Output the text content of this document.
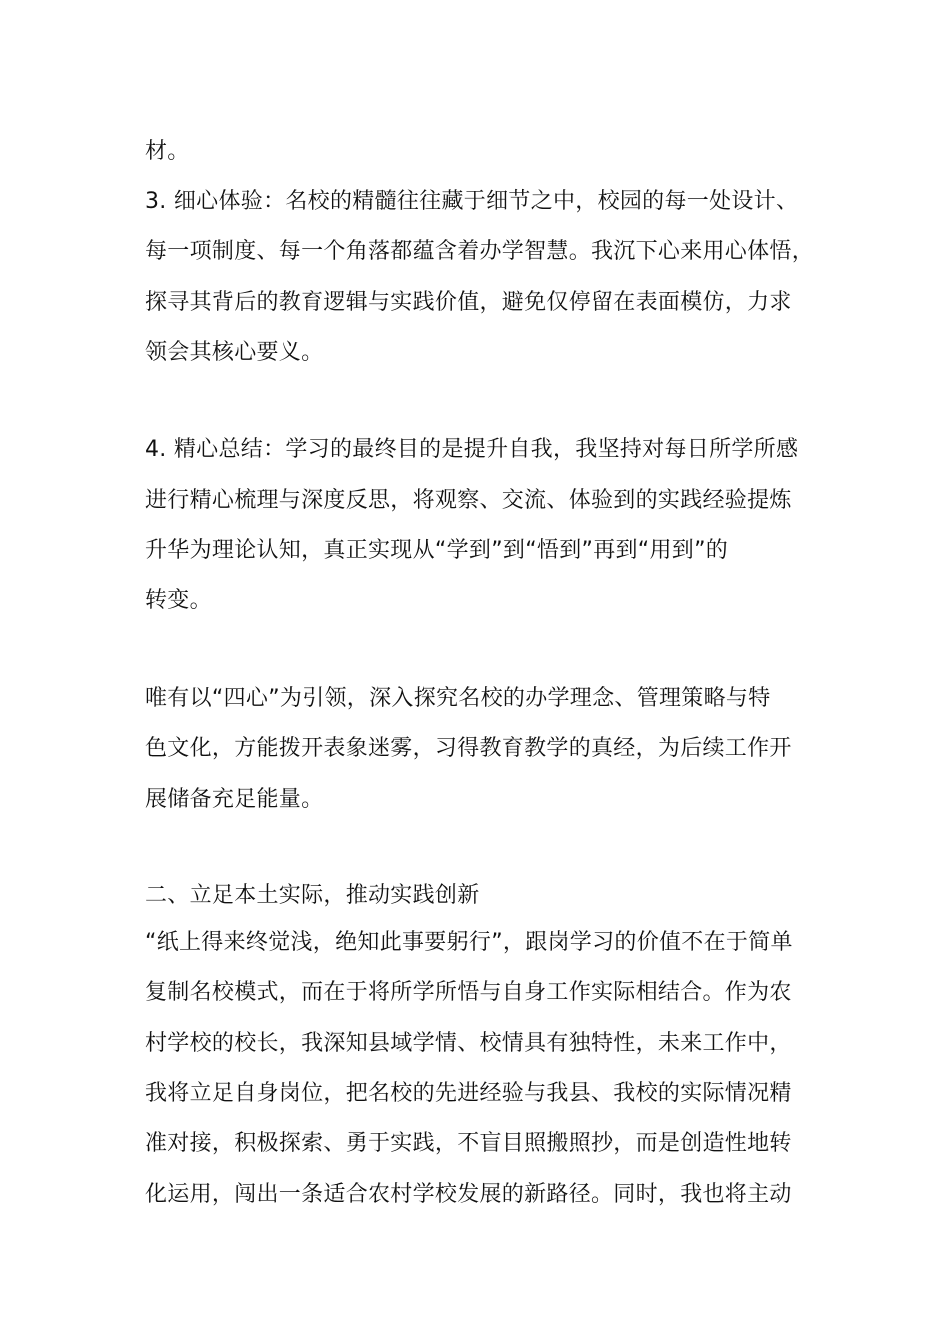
材。
3. 细心体验：名校的精髓往往藏于细节之中，校园的每一处设计、
每一项制度、每一个角落都蕴含着办学智慧。我沉下心来用心体悟，
探寻其背后的教育逻辑与实践价值，避免仅停留在表面模仿，力求
领会其核心要义。
4. 精心总结：学习的最终目的是提升自我，我坚持对每日所学所感
进行精心梳理与深度反思，将观察、交流、体验到的实践经验提炼
升华为理论认知，真正实现从“学到”到“悟到”再到“用到”的
转变。
唯有以“四心”为引领，深入探究名校的办学理念、管理策略与特
色文化，方能拨开表象迷雾，习得教育教学的真经，为后续工作开
展储备充足能量。
二、立足本土实际，推动实践创新
“纸上得来终觉浅，绝知此事要躬行”，跟岗学习的价值不在于简单
复制名校模式，而在于将所学所悟与自身工作实际相结合。作为农
村学校的校长，我深知县域学情、校情具有独特性，未来工作中，
我将立足自身岗位，把名校的先进经验与我县、我校的实际情况精
准对接，积极探索、勇于实践，不盲目照搬照抄，而是创造性地转
化运用，闯出一条适合农村学校发展的新路径。同时，我也将主动
